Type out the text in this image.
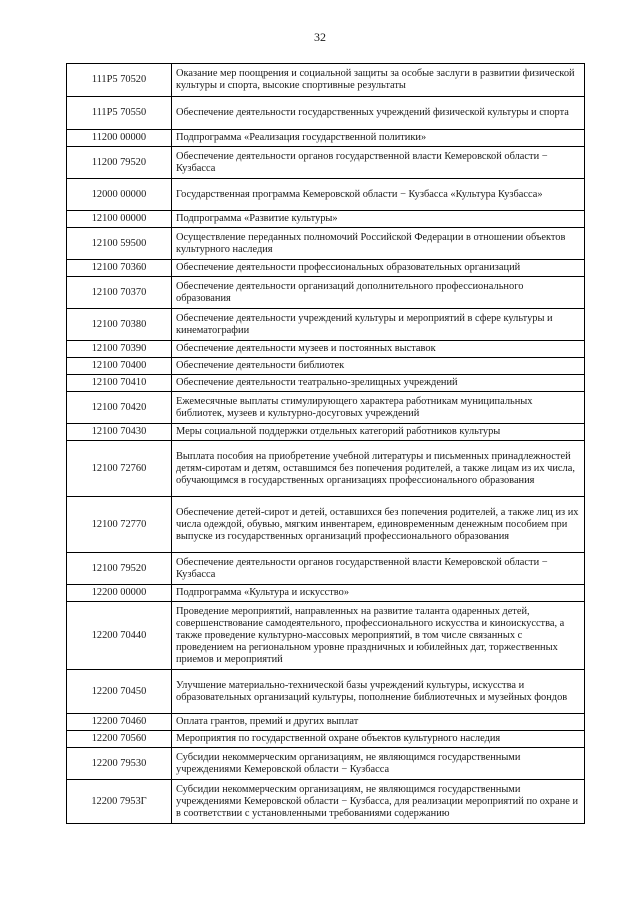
32
111P5 70520	Оказание мер поощрения и социальной защиты за особые заслуги в развитии физической культуры и спорта, высокие спортивные результаты
111P5 70550	Обеспечение деятельности государственных учреждений физической культуры и спорта
11200 00000	Подпрограмма «Реализация государственной политики»
11200 79520	Обеспечение деятельности органов государственной власти Кемеровской области − Кузбасса
12000 00000	Государственная программа Кемеровской области − Кузбасса «Культура Кузбасса»
12100 00000	Подпрограмма «Развитие культуры»
12100 59500	Осуществление переданных полномочий Российской Федерации в отношении объектов культурного наследия
12100 70360	Обеспечение деятельности профессиональных образовательных организаций
12100 70370	Обеспечение деятельности организаций дополнительного профессионального образования
12100 70380	Обеспечение деятельности учреждений культуры и мероприятий в сфере культуры и кинематографии
12100 70390	Обеспечение деятельности музеев и постоянных выставок
12100 70400	Обеспечение деятельности библиотек
12100 70410	Обеспечение деятельности театрально-зрелищных учреждений
12100 70420	Ежемесячные выплаты стимулирующего характера работникам муниципальных библиотек, музеев и культурно-досуговых учреждений
12100 70430	Меры социальной поддержки отдельных категорий работников культуры
12100 72760	Выплата пособия на приобретение учебной литературы и письменных принадлежностей детям-сиротам и детям, оставшимся без попечения родителей, а также лицам из их числа, обучающимся в государственных организациях профессионального образования
12100 72770	Обеспечение детей-сирот и детей, оставшихся без попечения родителей, а также лиц из их числа одеждой, обувью, мягким инвентарем, единовременным денежным пособием при выпуске из государственных организаций профессионального образования
12100 79520	Обеспечение деятельности органов государственной власти Кемеровской области − Кузбасса
12200 00000	Подпрограмма «Культура и искусство»
12200 70440	Проведение мероприятий, направленных на развитие таланта одаренных детей, совершенствование самодеятельного, профессионального искусства и киноискусства, а также проведение культурно-массовых мероприятий, в том числе связанных с проведением на региональном уровне праздничных и юбилейных дат, торжественных приемов и мероприятий
12200 70450	Улучшение материально-технической базы учреждений культуры, искусства и образовательных организаций культуры, пополнение библиотечных и музейных фондов
12200 70460	Оплата грантов, премий и других выплат
12200 70560	Мероприятия по государственной охране объектов культурного наследия
12200 79530	Субсидии некоммерческим организациям, не являющимся государственными учреждениями Кемеровской области − Кузбасса
12200 7953Г	Субсидии некоммерческим организациям, не являющимся государственными учреждениями Кемеровской области − Кузбасса, для реализации мероприятий по охране и в соответствии с установленными требованиями содержанию
